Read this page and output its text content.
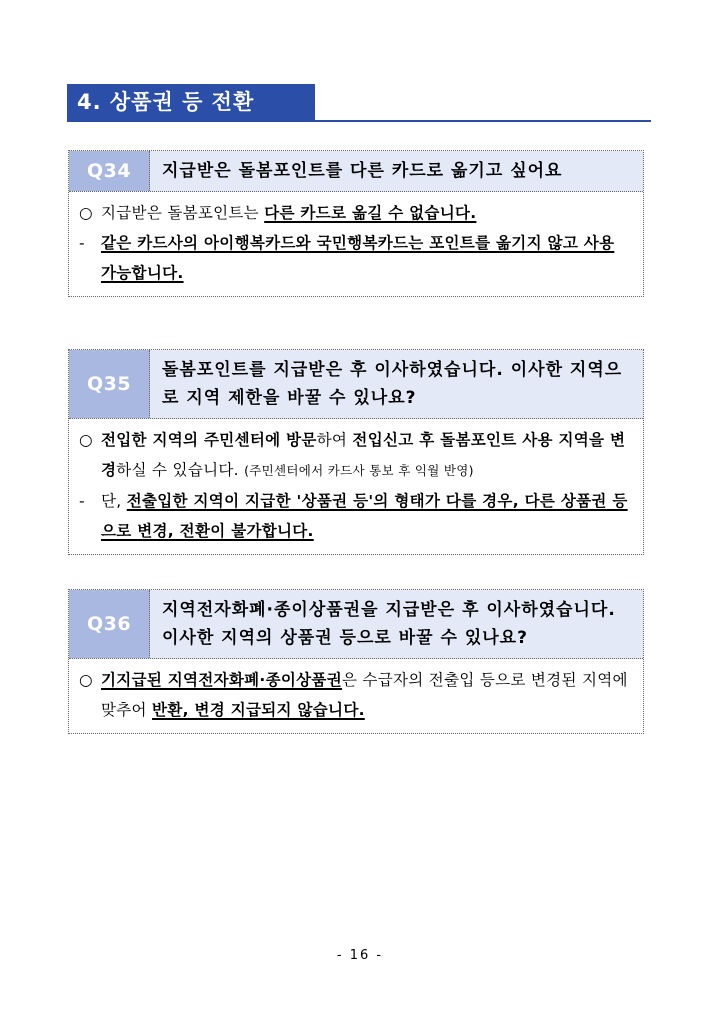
4. 상품권 등 전환
Q34	지급받은 돌봄포인트를 다른 카드로 옮기고 싶어요
○ 지급받은 돌봄포인트는 다른 카드로 옮길 수 없습니다.
-	같은 카드사의 아이행복카드와 국민행복카드는 포인트를 옮기지 않고 사용 가능합니다.
Q35
돌봄포인트를 지급받은 후 이사하였습니다. 이사한 지역으로 지역 제한을 바꿀 수 있나요?
○ 전입한 지역의 주민센터에 방문하여 전입신고 후 돌봄포인트 사용 지역을 변경하실 수 있습니다. (주민센터에서 카드사 통보 후 익월 반영)
-	단, 전출입한 지역이 지급한 '상품권 등'의 형태가 다를 경우, 다른 상품권 등으로 변경, 전환이 불가합니다.
Q36
지역전자화폐·종이상품권을 지급받은 후 이사하였습니다. 이사한 지역의 상품권 등으로 바꿀 수 있나요?
○ 기지급된 지역전자화폐·종이상품권은 수급자의 전출입 등으로 변경된 지역에 맞추어 반환, 변경 지급되지 않습니다.
- 16 -
